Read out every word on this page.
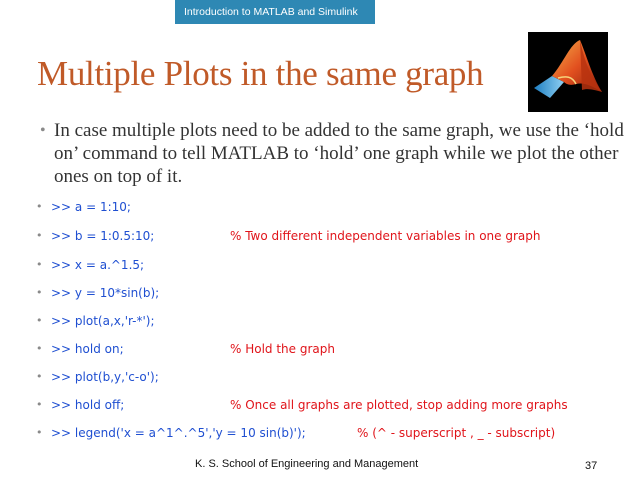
Introduction to MATLAB and Simulink
Multiple Plots in the same graph
• In case multiple plots need to be added to the same graph, we use the ‘hold on’ command to tell MATLAB to ‘hold’ one graph while we plot the other ones on top of it.
• >> a = 1:10;
• >> b = 1:0.5:10;	% Two different independent variables in one graph
• >> x = a.^1.5;
• >> y = 10*sin(b);
• >> plot(a,x,'r-*');
• >> hold on;	% Hold the graph
• >> plot(b,y,'c-o');
• >> hold off;	% Once all graphs are plotted, stop adding more graphs
• >> legend('x = a^1^.^5','y = 10 sin(b)');	% (^ - superscript , _ - subscript)
K. S. School of Engineering and Management	37
